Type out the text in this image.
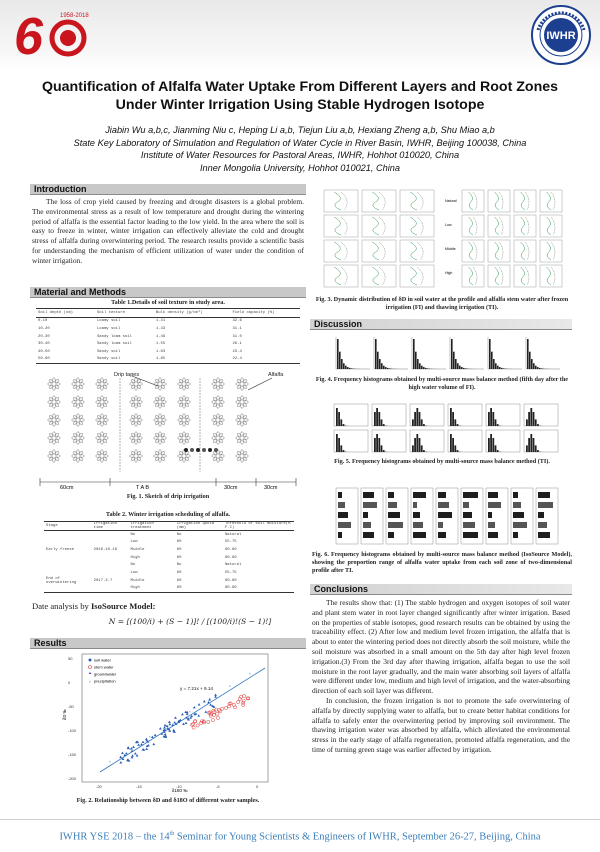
6	1958-2018
IWHR
2018
Quantification of Alfalfa Water Uptake From Different Layers and Root Zones Under Winter Irrigation Using Stable Hydrogen Isotope
Jiabin Wu a,b,c, Jianming Niu c, Heping Li a,b, Tiejun Liu a,b, Hexiang Zheng a,b, Shu Miao a,b
State Key Laboratory of Simulation and Regulation of Water Cycle in River Basin, IWHR, Beijing 100038, China
Institute of Water Resources for Pastoral Areas, IWHR, Hohhot 010020, China
Inner Mongolia University, Hohhot 010021, China
Introduction

The loss of crop yield caused by freezing and drought disasters is a global problem. The environmental stress as a result of low temperature and drought during the wintering period of alfalfa is the essential factor leading to the low yield. In the area where the soil is easy to freeze in winter, winter irrigation can effectively alleviate the cold and drought stress of alfalfa during overwintering period. The research results provide a scientific basis for understanding the mechanism of efficient utilization of water under the condition of winter irrigation.

Material and Methods
Table 1.Details of soil texture in study area.
Soil depth (cm)	Soil texture	Bulk density (g/cm³)	Field capacity (%)
0-10	Loamy soil	1.41	32.6
10-20	Loamy soil	1.43	31.1
20-30	Sandy loam soil	1.49	31.0
30-40	Sandy loam soil	1.55	26.1
40-50	Sandy soil	1.63	23.4
50-60	Sandy soil	1.65	22.4
Drip tapes	Alfalfa
60cm	30cm	30cm
T A B
Fig. 1. Sketch of drip irrigation
Table 2. Winter irrigation scheduling of alfalfa.
Stage	Irrigation time	Irrigation treatment	Irrigation quota (mm)	Threshold of soil moisture(% F.C)
		No	No	Natural
		Low	60	55-75
Early freeze	2016.10.18	Middle	60	60-80
		High	60	80-90
		No	No	Natural
		Low	60	55-75
End of overwintering	2017.3.7	Middle	60	60-80
		High	60	80-90
Date analysis by IsoSource Model:
N = [(100/i) + (S − 1)]! / [(100/i)!(S − 1)!]
Results
×
×
×
×
×
×
×
×
y = 7.21x + 9.14
soil water
stem water
groundwater
× precipitation
50
0
-50
-100
-150
-200
-20	-15	-10	-5	0
δ18O ‰
δD ‰
Fig. 2. Relationship between δD and δ18O of different water samples.
Natural
Low
Middle
High
Fig. 3. Dynamic distribution of δD in soil water at the profile and alfalfa stem water after frozen irrigation (FI) and thawing irrigation (TI).
Discussion
Fig. 4. Frequency histograms obtained by multi-source mass balance method (fifth day after the high water volume of FI).
Fig. 5. Frequency histograms obtained by multi-source mass balance method (TI).
Fig. 6. Frequency histograms obtained by multi-source mass balance method (IsoSource Model), showing the proportion range of alfalfa water uptake from each soil zone of two-dimensional profile after TI.
Conclusions

The results show that: (1) The stable hydrogen and oxygen isotopes of soil water and plant stem water in root layer changed significantly after winter irrigation. Based on the properties of stable isotopes, good research results can be obtained by using the traceability effect. (2) After low and medium level frozen irrigation, the alfalfa that is about to enter the wintering period does not directly absorb the soil moisture, while the soil moisture was absorbed in a small amount on the 5th day after high level frozen irrigation.(3) From the 3rd day after thawing irrigation, alfalfa began to use the soil moisture in the root layer gradually, and the main water absorbing soil layers of alfalfa were different under low, medium and high level of irrigation, and the water-absorbing direction of each soil layer was different.

In conclusion, the frozen irrigation is not to promote the safe overwintering of alfalfa by directly supplying water to alfalfa, but to create better habitat conditions for alfalfa to safely enter the overwintering period by improving soil environment. The thawing irrigation water was absorbed by alfalfa, which alleviated the environmental stress in the early stage of alfalfa regeneration, promoted alfalfa regeneration, and the time of turning green stage was earlier affected by irrigation.

IWHR YSE 2018 – the 14th Seminar for Young Scientists & Engineers of IWHR, September 26-27, Beijing, China
